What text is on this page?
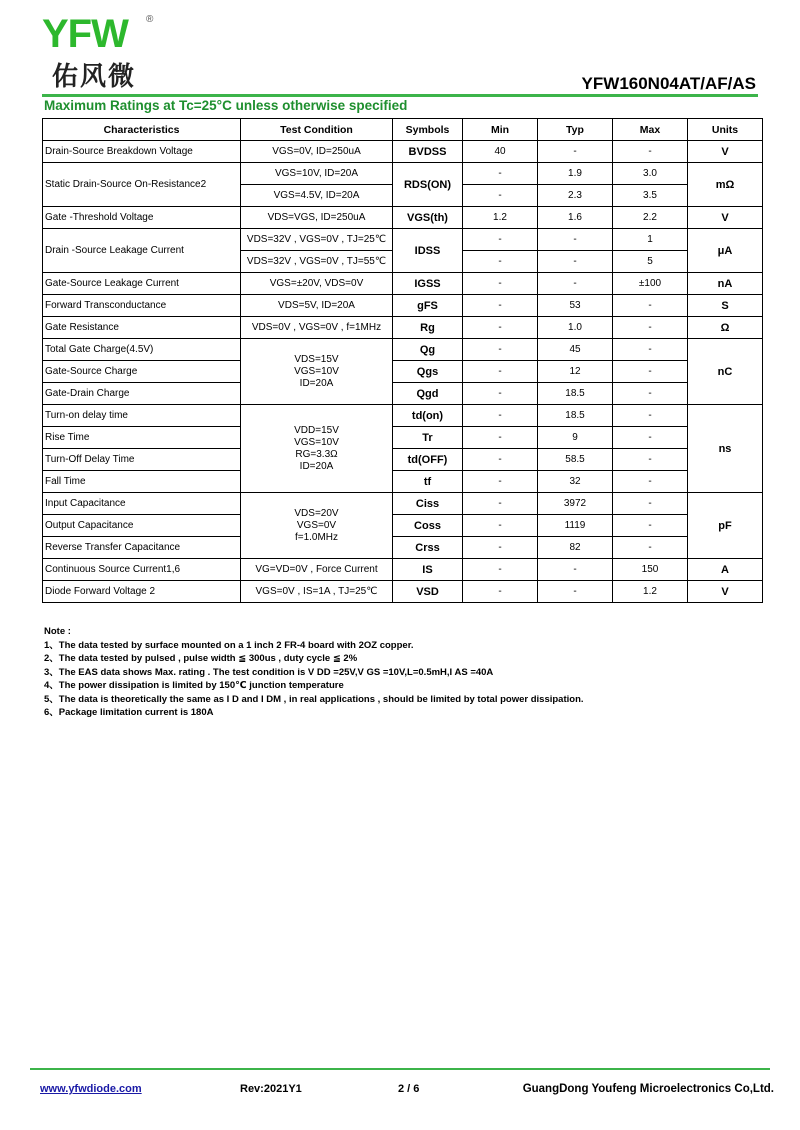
YFW ®
佑风微	YFW160N04AT/AF/AS
Maximum Ratings at Tc=25°C unless otherwise specified
Characteristics	Test Condition	Symbols	Min	Typ	Max	Units
Drain-Source Breakdown Voltage	VGS=0V, ID=250uA	BVDSS	40	-	-	V
Static Drain-Source On-Resistance2	VGS=10V, ID=20A	RDS(ON)	-	1.9	3.0	mΩ
	VGS=4.5V, ID=20A		-	2.3	3.5	
Gate -Threshold Voltage	VDS=VGS, ID=250uA	VGS(th)	1.2	1.6	2.2	V
Drain -Source Leakage Current	VDS=32V , VGS=0V , TJ=25℃	IDSS	-	-	1	μA
	VDS=32V , VGS=0V , TJ=55℃		-	-	5	
Gate-Source Leakage Current	VGS=±20V, VDS=0V	IGSS	-	-	±100	nA
Forward Transconductance	VDS=5V, ID=20A	gFS	-	53	-	S
Gate Resistance	VDS=0V , VGS=0V , f=1MHz	Rg	-	1.0	-	Ω
Total Gate Charge(4.5V)	VDS=15V
VGS=10V
ID=20A	Qg	-	45	-	nC
Gate-Source Charge		Qgs	-	12	-	
Gate-Drain Charge		Qgd	-	18.5	-	
Turn-on delay time	VDD=15V
VGS=10V
RG=3.3Ω
ID=20A	td(on)	-	18.5	-	ns
Rise Time		Tr	-	9	-	
Turn-Off Delay Time		td(OFF)	-	58.5	-	
Fall Time		tf	-	32	-	
Input Capacitance	VDS=20V
VGS=0V
f=1.0MHz	Ciss	-	3972	-	pF
Output Capacitance		Coss	-	1119	-	
Reverse Transfer Capacitance		Crss	-	82	-	
Continuous Source Current1,6	VG=VD=0V , Force Current	IS	-	-	150	A
Diode Forward Voltage 2	VGS=0V , IS=1A , TJ=25℃	VSD	-	-	1.2	V
Note :
1、The data tested by surface mounted on a 1 inch 2 FR-4 board with 2OZ copper.
2、The data tested by pulsed , pulse width ≦ 300us , duty cycle ≦ 2%
3、The EAS data shows Max. rating . The test condition is V DD =25V,V GS =10V,L=0.5mH,I AS =40A
4、The power dissipation is limited by 150℃ junction temperature
5、The data is theoretically the same as I D and I DM , in real applications , should be limited by total power dissipation.
6、Package limitation current is 180A
www.yfwdiode.com	Rev:2021Y1	2 / 6	GuangDong Youfeng Microelectronics Co,Ltd.
